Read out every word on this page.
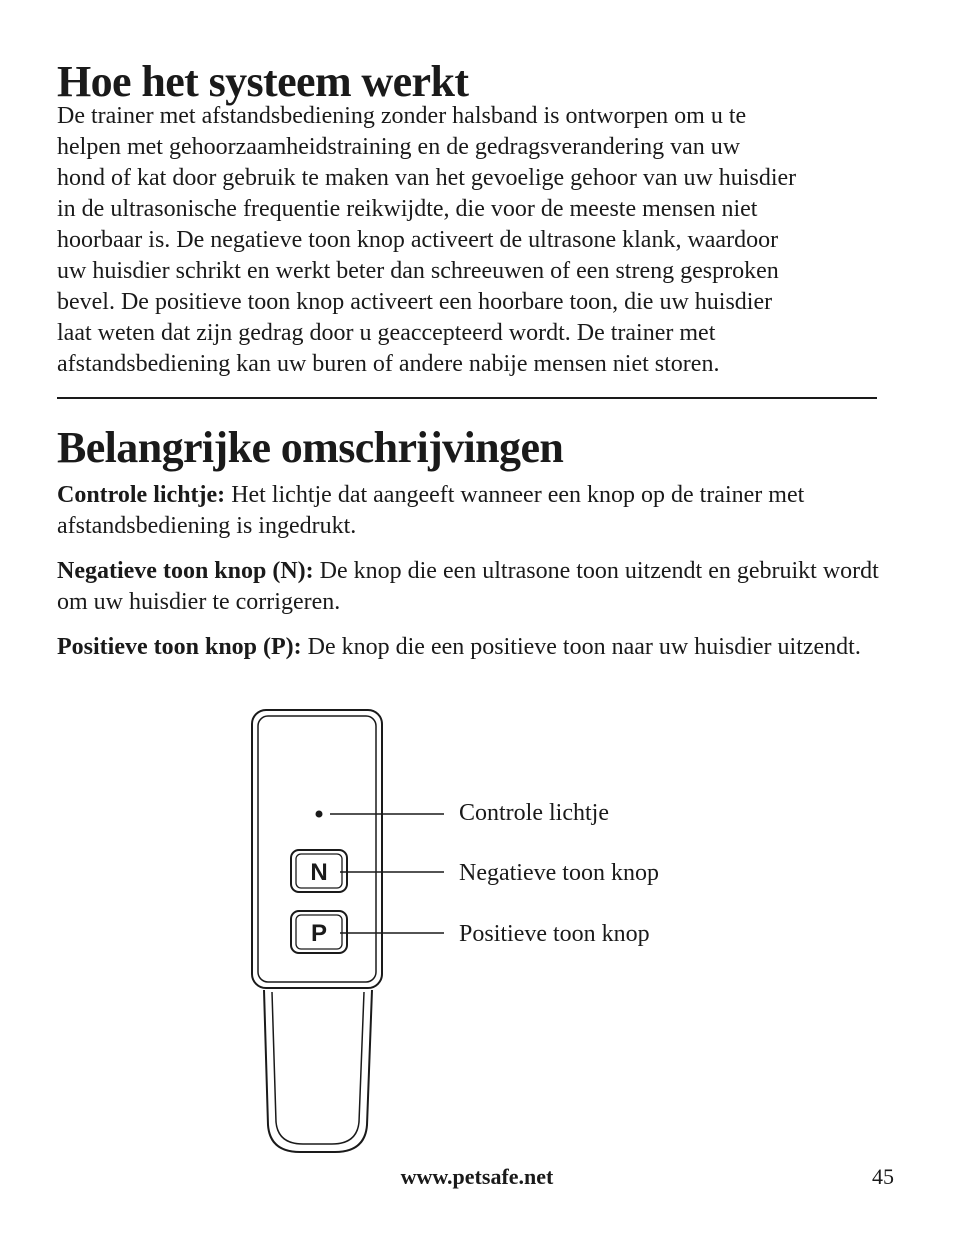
Hoe het systeem werkt

De trainer met afstandsbediening zonder halsband is ontworpen om u te

helpen met gehoorzaamheidstraining en de gedragsverandering van uw

hond of kat door gebruik te maken van het gevoelige gehoor van uw huisdier

in de ultrasonische frequentie reikwijdte, die voor de meeste mensen niet

hoorbaar is. De negatieve toon knop activeert de ultrasone klank, waardoor

uw huisdier schrikt en werkt beter dan schreeuwen of een streng gesproken

bevel. De positieve toon knop activeert een hoorbare toon, die uw huisdier

laat weten dat zijn gedrag door u geaccepteerd wordt. De trainer met

afstandsbediening kan uw buren of andere nabije mensen niet storen.

Belangrijke omschrijvingen

Controle lichtje: Het lichtje dat aangeeft wanneer een knop op de trainer met afstandsbediening is ingedrukt.

Negatieve toon knop (N): De knop die een ultrasone toon uitzendt en gebruikt wordt om uw huisdier te corrigeren.

Positieve toon knop (P): De knop die een positieve toon naar uw huisdier uitzendt.

N
P
Controle lichtje
Negatieve toon knop
Positieve toon knop
www.petsafe.net	45
